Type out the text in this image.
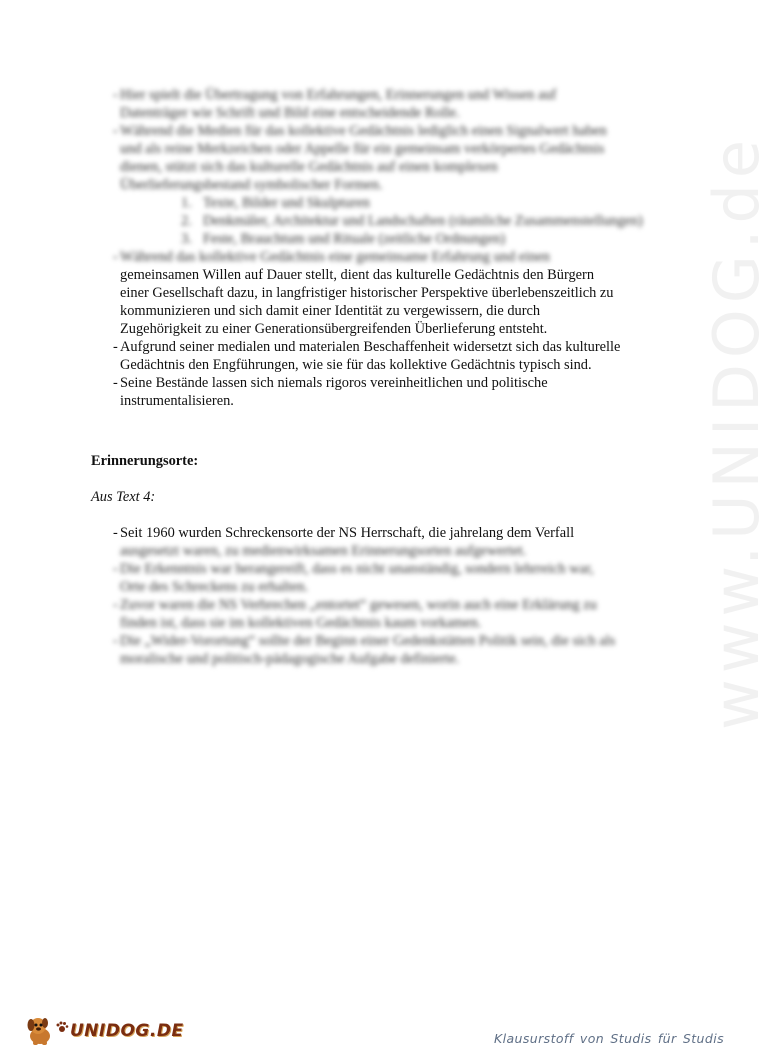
- Hier spielt die Übertragung von Erfahrungen, Erinnerungen und Wissen auf
Datenträger wie Schrift und Bild eine entscheidende Rolle.
- Während die Medien für das kollektive Gedächtnis lediglich einen Signalwert haben
und als reine Merkzeichen oder Appelle für ein gemeinsam verkörpertes Gedächtnis
dienen, stützt sich das kulturelle Gedächtnis auf einen komplexen
Überlieferungsbestand symbolischer Formen.
1. Texte, Bilder und Skulpturen
2. Denkmäler, Architektur und Landschaften (räumliche Zusammenstellungen)
3. Feste, Brauchtum und Rituale (zeitliche Ordnungen)
- Während das kollektive Gedächtnis eine gemeinsame Erfahrung und einen
gemeinsamen Willen auf Dauer stellt, dient das kulturelle Gedächtnis den Bürgern
einer Gesellschaft dazu, in langfristiger historischer Perspektive überlebenszeitlich zu
kommunizieren und sich damit einer Identität zu vergewissern, die durch
Zugehörigkeit zu einer Generationsübergreifenden Überlieferung entsteht.
- Aufgrund seiner medialen und materialen Beschaffenheit widersetzt sich das kulturelle
Gedächtnis den Engführungen, wie sie für das kollektive Gedächtnis typisch sind.
- Seine Bestände lassen sich niemals rigoros vereinheitlichen und politische
instrumentalisieren.
Erinnerungsorte:
Aus Text 4:
- Seit 1960 wurden Schreckensorte der NS Herrschaft, die jahrelang dem Verfall
ausgesetzt waren, zu medienwirksamen Erinnerungsorten aufgewertet.
- Die Erkenntnis war herangereift, dass es nicht unanständig, sondern lehrreich war,
Orte des Schreckens zu erhalten.
- Zuvor waren die NS Verbrechen „entortet“ gewesen, worin auch eine Erklärung zu
finden ist, dass sie im kollektiven Gedächtnis kaum vorkamen.
- Die „Wider-Vorortung“ sollte der Beginn einer Gedenkstätten Politik sein, die sich als
moralische und politisch-pädagogische Aufgabe definierte.	www.UNIDOG.de
UNIDOG.DE	Klausurstoff von Studis für Studis
